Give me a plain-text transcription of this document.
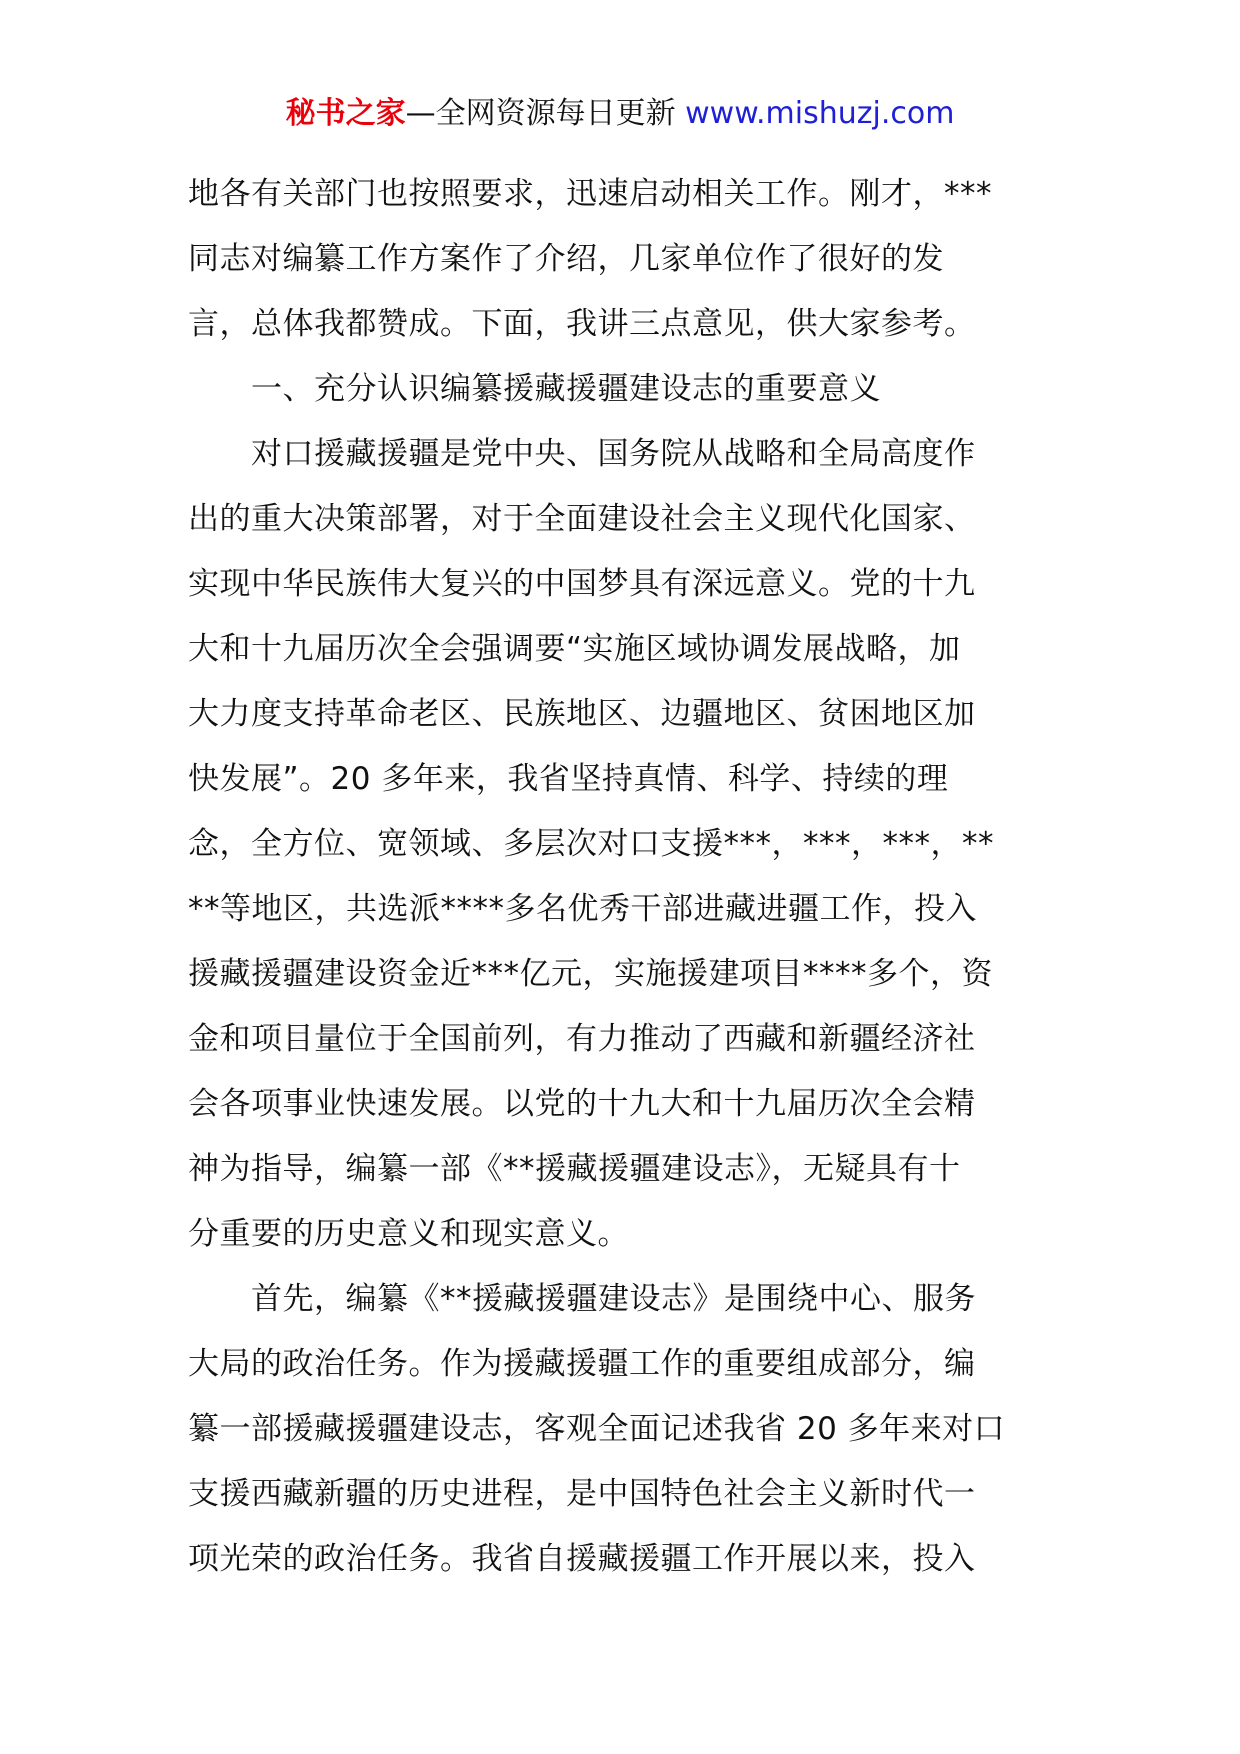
秘书之家—全网资源每日更新 www.mishuzj.com
地各有关部门也按照要求，迅速启动相关工作。刚才，***
同志对编纂工作方案作了介绍，几家单位作了很好的发
言，总体我都赞成。下面，我讲三点意见，供大家参考。
　　一、充分认识编纂援藏援疆建设志的重要意义
　　对口援藏援疆是党中央、国务院从战略和全局高度作
出的重大决策部署，对于全面建设社会主义现代化国家、
实现中华民族伟大复兴的中国梦具有深远意义。党的十九
大和十九届历次全会强调要“实施区域协调发展战略，加
大力度支持革命老区、民族地区、边疆地区、贫困地区加
快发展”。20 多年来，我省坚持真情、科学、持续的理
念，全方位、宽领域、多层次对口支援***，***，***，**
**等地区，共选派****多名优秀干部进藏进疆工作，投入
援藏援疆建设资金近***亿元，实施援建项目****多个，资
金和项目量位于全国前列，有力推动了西藏和新疆经济社
会各项事业快速发展。以党的十九大和十九届历次全会精
神为指导，编纂一部《**援藏援疆建设志》，无疑具有十
分重要的历史意义和现实意义。
　　首先，编纂《**援藏援疆建设志》是围绕中心、服务
大局的政治任务。作为援藏援疆工作的重要组成部分，编
纂一部援藏援疆建设志，客观全面记述我省 20 多年来对口
支援西藏新疆的历史进程，是中国特色社会主义新时代一
项光荣的政治任务。我省自援藏援疆工作开展以来，投入
